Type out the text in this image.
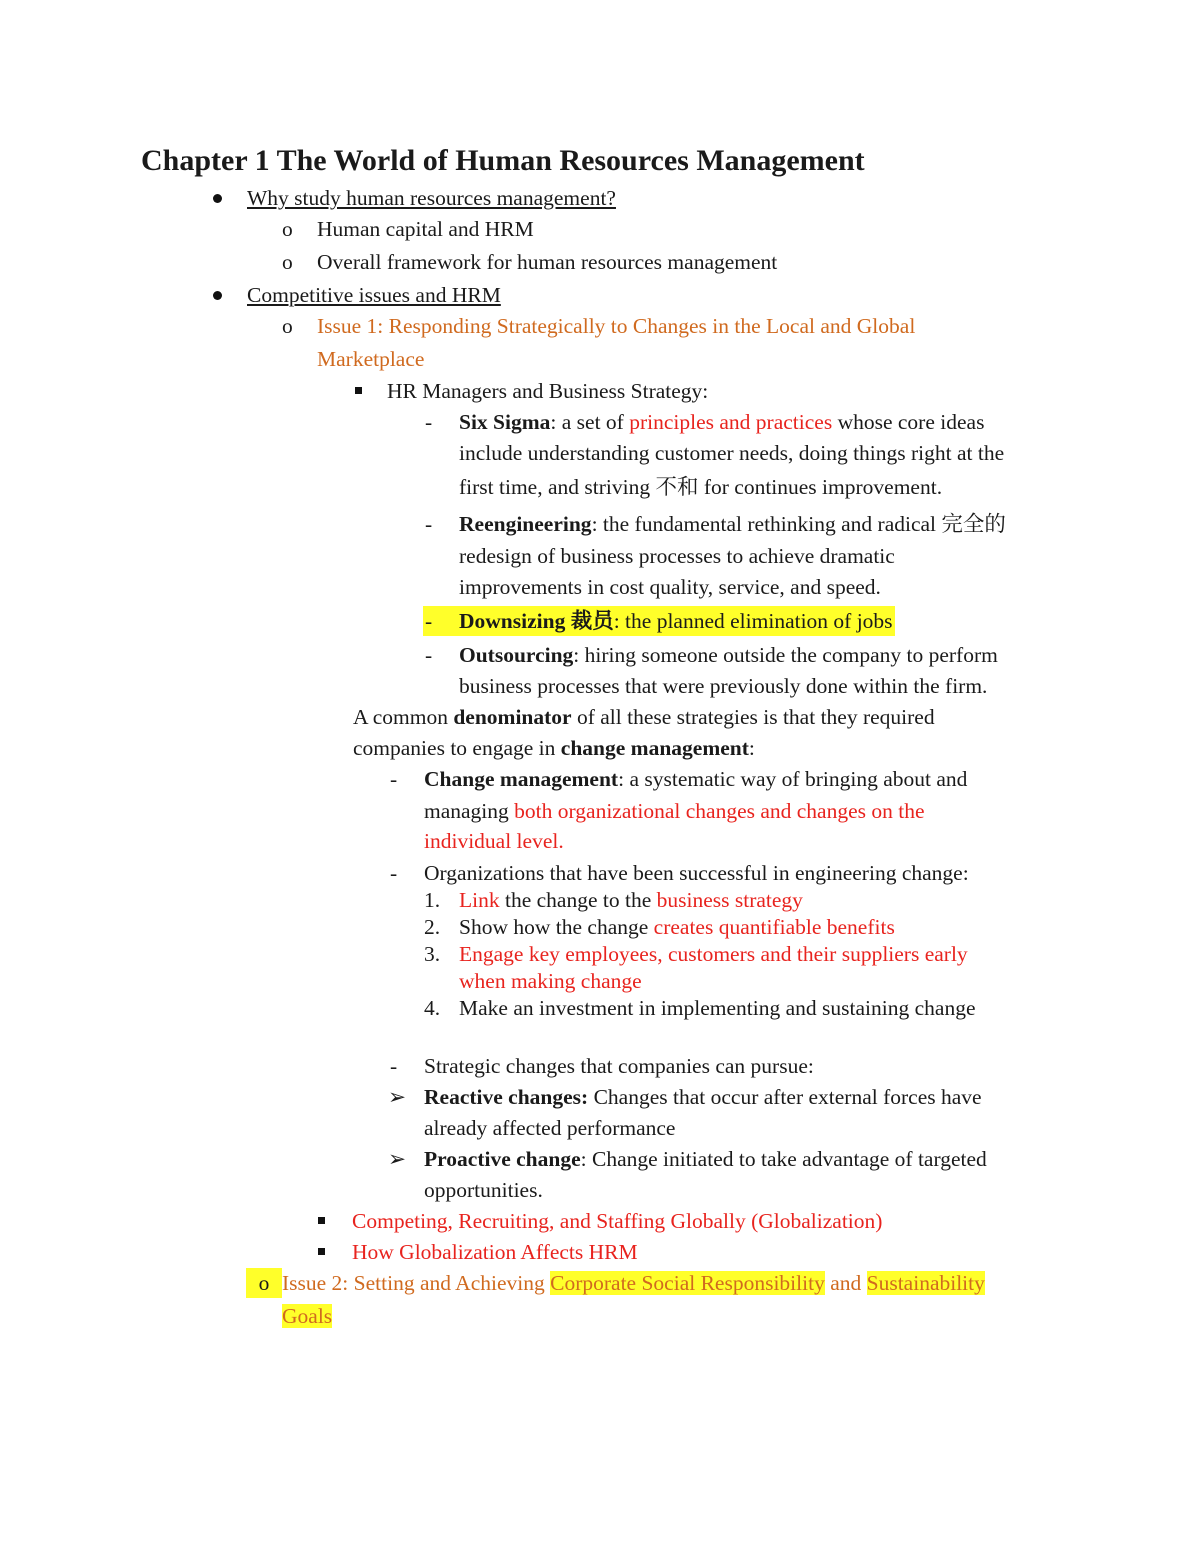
Chapter 1 The World of Human Resources Management
Why study human resources management?
o Human capital and HRM
o Overall framework for human resources management
Competitive issues and HRM
o Issue 1: Responding Strategically to Changes in the Local and Global
Marketplace
HR Managers and Business Strategy:
- Six Sigma: a set of principles and practices whose core ideas
include understanding customer needs, doing things right at the
first time, and striving 不和 for continues improvement.
- Reengineering: the fundamental rethinking and radical 完全的
redesign of business processes to achieve dramatic
improvements in cost quality, service, and speed.
- Downsizing 裁员: the planned elimination of jobs
- Outsourcing: hiring someone outside the company to perform
business processes that were previously done within the firm.
A common denominator of all these strategies is that they required
companies to engage in change management:
- Change management: a systematic way of bringing about and
managing both organizational changes and changes on the
individual level.
- Organizations that have been successful in engineering change:
1. Link the change to the business strategy
2. Show how the change creates quantifiable benefits
3. Engage key employees, customers and their suppliers early
when making change
4. Make an investment in implementing and sustaining change
- Strategic changes that companies can pursue:
➢ Reactive changes: Changes that occur after external forces have
already affected performance
➢ Proactive change: Change initiated to take advantage of targeted
opportunities.
Competing, Recruiting, and Staffing Globally (Globalization)
How Globalization Affects HRM
o Issue 2: Setting and Achieving Corporate Social Responsibility and Sustainability
Goals
